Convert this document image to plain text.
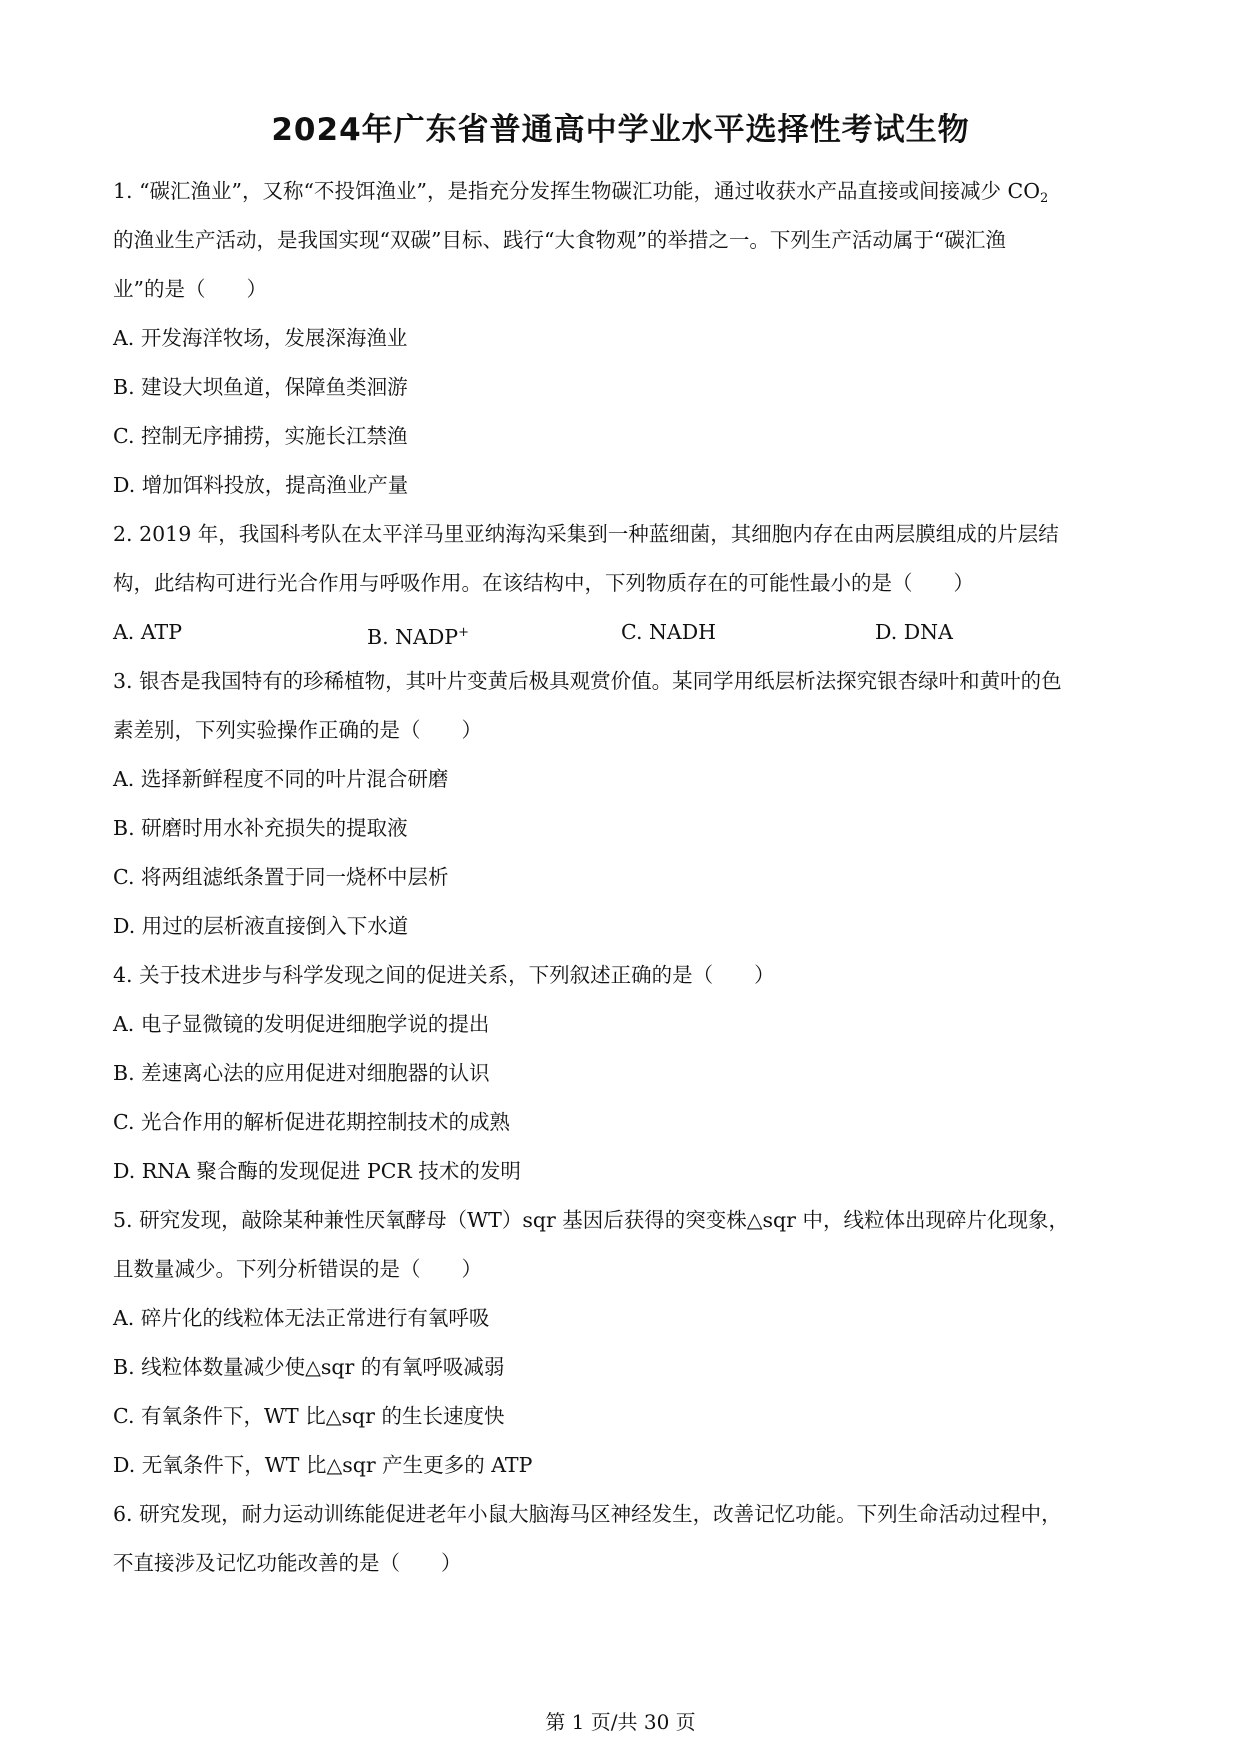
2024年广东省普通高中学业水平选择性考试生物
1. “碳汇渔业”，又称“不投饵渔业”，是指充分发挥生物碳汇功能，通过收获水产品直接或间接减少 $CO_2$
的渔业生产活动，是我国实现“双碳”目标、践行“大食物观”的举措之一。下列生产活动属于“碳汇渔
业”的是（　　）
A. 开发海洋牧场，发展深海渔业
B. 建设大坝鱼道，保障鱼类洄游
C. 控制无序捕捞，实施长江禁渔
D. 增加饵料投放，提高渔业产量
2. 2019 年，我国科考队在太平洋马里亚纳海沟采集到一种蓝细菌，其细胞内存在由两层膜组成的片层结
构，此结构可进行光合作用与呼吸作用。在该结构中，下列物质存在的可能性最小的是（　　）
A. ATP	B. NADP+	C. NADH	D. DNA
3. 银杏是我国特有的珍稀植物，其叶片变黄后极具观赏价值。某同学用纸层析法探究银杏绿叶和黄叶的色
素差别，下列实验操作正确的是（　　）
A. 选择新鲜程度不同的叶片混合研磨
B. 研磨时用水补充损失的提取液
C. 将两组滤纸条置于同一烧杯中层析
D. 用过的层析液直接倒入下水道
4. 关于技术进步与科学发现之间的促进关系，下列叙述正确的是（　　）
A. 电子显微镜的发明促进细胞学说的提出
B. 差速离心法的应用促进对细胞器的认识
C. 光合作用的解析促进花期控制技术的成熟
D. RNA 聚合酶的发现促进 PCR 技术的发明
5. 研究发现，敲除某种兼性厌氧酵母（WT）sqr 基因后获得的突变株△sqr 中，线粒体出现碎片化现象，
且数量减少。下列分析错误的是（　　）
A. 碎片化的线粒体无法正常进行有氧呼吸
B. 线粒体数量减少使△sqr 的有氧呼吸减弱
C. 有氧条件下，WT 比△sqr 的生长速度快
D. 无氧条件下，WT 比△sqr 产生更多的 ATP
6. 研究发现，耐力运动训练能促进老年小鼠大脑海马区神经发生，改善记忆功能。下列生命活动过程中，
不直接涉及记忆功能改善的是（　　）
第 1 页/共 30 页
